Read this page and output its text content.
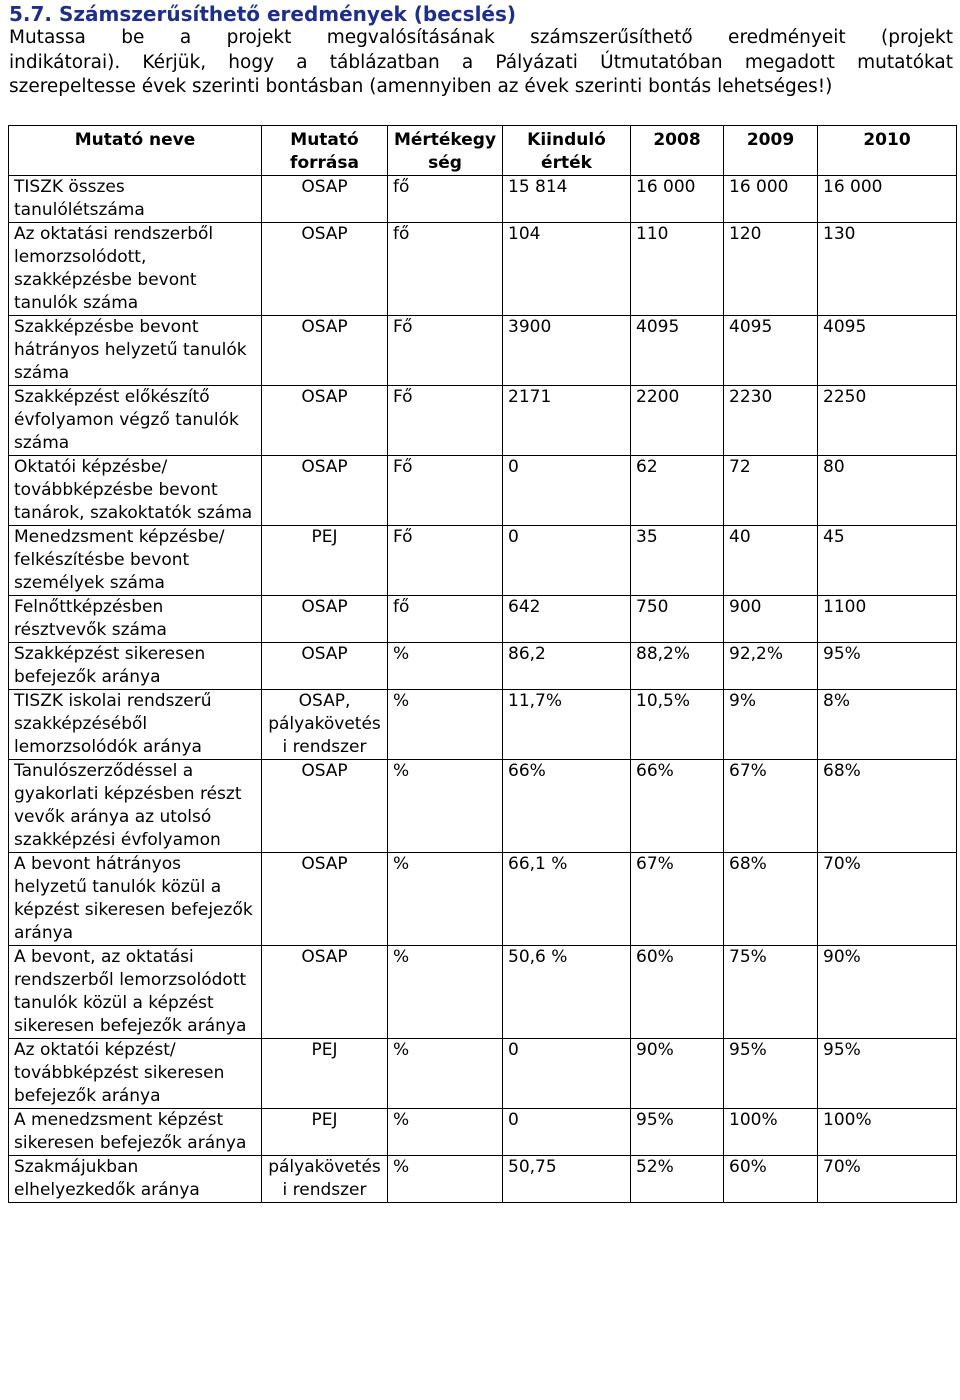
5.7. Számszerűsíthető eredmények (becslés)
Mutassa be a projekt megvalósításának számszerűsíthető eredményeit (projekt
indikátorai). Kérjük, hogy a táblázatban a Pályázati Útmutatóban megadott mutatókat
szerepeltesse évek szerinti bontásban (amennyiben az évek szerinti bontás lehetséges!)
Mutató neve	Mutató forrása	Mértékegység	Kiinduló érték	2008	2009	2010
TISZK összes tanulólétszáma	OSAP	fő	15 814	16 000	16 000	16 000
Az oktatási rendszerből lemorzsolódott, szakképzésbe bevont tanulók száma	OSAP	fő	104	110	120	130
Szakképzésbe bevont hátrányos helyzetű tanulók száma	OSAP	Fő	3900	4095	4095	4095
Szakképzést előkészítő évfolyamon végző tanulók száma	OSAP	Fő	2171	2200	2230	2250
Oktatói képzésbe/ továbbképzésbe bevont tanárok, szakoktatók száma	OSAP	Fő	0	62	72	80
Menedzsment képzésbe/ felkészítésbe bevont személyek száma	PEJ	Fő	0	35	40	45
Felnőttképzésben résztvevők száma	OSAP	fő	642	750	900	1100
Szakképzést sikeresen befejezők aránya	OSAP	%	86,2	88,2%	92,2%	95%
TISZK iskolai rendszerű szakképzéséből lemorzsolódók aránya	OSAP, pályakövetési rendszer	%	11,7%	10,5%	9%	8%
Tanulószerződéssel a gyakorlati képzésben részt vevők aránya az utolsó szakképzési évfolyamon	OSAP	%	66%	66%	67%	68%
A bevont hátrányos helyzetű tanulók közül a képzést sikeresen befejezők aránya	OSAP	%	66,1 %	67%	68%	70%
A bevont, az oktatási rendszerből lemorzsolódott tanulók közül a képzést sikeresen befejezők aránya	OSAP	%	50,6 %	60%	75%	90%
Az oktatói képzést/ továbbképzést sikeresen befejezők aránya	PEJ	%	0	90%	95%	95%
A menedzsment képzést sikeresen befejezők aránya	PEJ	%	0	95%	100%	100%
Szakmájukban elhelyezkedők aránya	pályakövetési rendszer	%	50,75	52%	60%	70%
